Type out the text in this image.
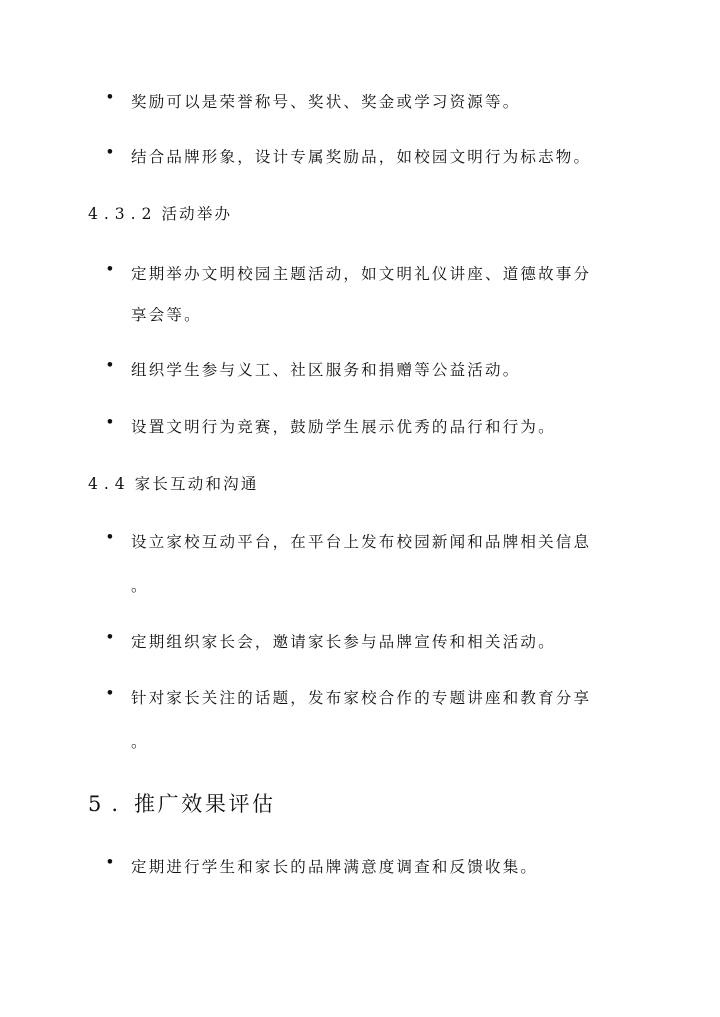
• 奖励可以是荣誉称号、奖状、奖金或学习资源等。
• 结合品牌形象，设计专属奖励品，如校园文明行为标志物。
4.3.2 活动举办
• 定期举办文明校园主题活动，如文明礼仪讲座、道德故事分
享会等。
• 组织学生参与义工、社区服务和捐赠等公益活动。
• 设置文明行为竞赛，鼓励学生展示优秀的品行和行为。
4.4 家长互动和沟通
• 设立家校互动平台，在平台上发布校园新闻和品牌相关信息
。
• 定期组织家长会，邀请家长参与品牌宣传和相关活动。
• 针对家长关注的话题，发布家校合作的专题讲座和教育分享
。
5. 推广效果评估
• 定期进行学生和家长的品牌满意度调查和反馈收集。
